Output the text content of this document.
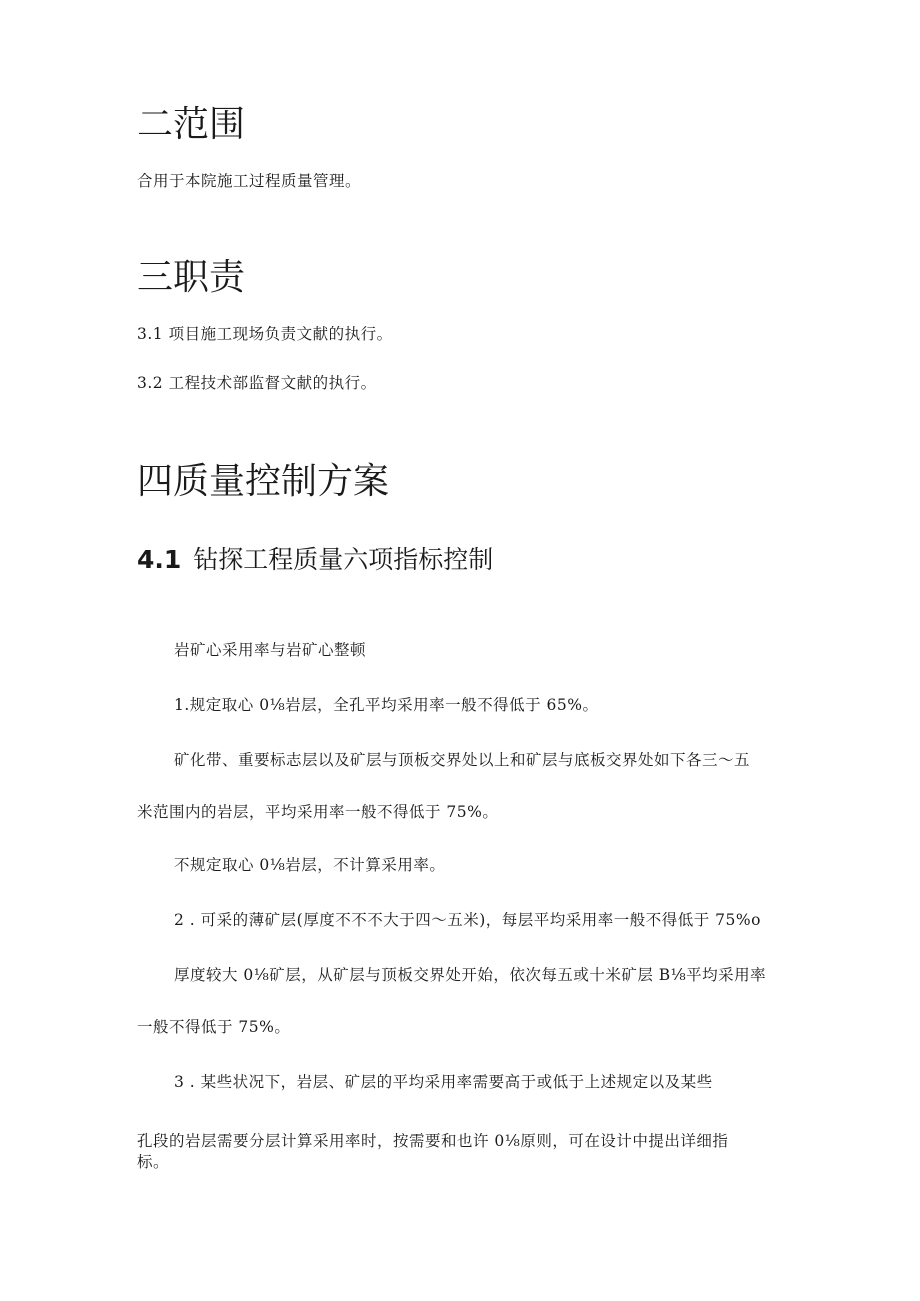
二范围

合用于本院施工过程质量管理。

三职责

3.1 项目施工现场负责文献的执行。

3.2 工程技术部监督文献的执行。

四质量控制方案
4.1 钻探工程质量六项指标控制

岩矿心采用率与岩矿心整顿

1.规定取心 0⅛岩层，全孔平均采用率一般不得低于 65%。

矿化带、重要标志层以及矿层与顶板交界处以上和矿层与底板交界处如下各三～五

米范围内的岩层，平均采用率一般不得低于 75%。

不规定取心 0⅛岩层，不计算采用率。

2 . 可采的薄矿层(厚度不不不大于四～五米)，每层平均采用率一般不得低于 75%o

厚度较大 0⅛矿层，从矿层与顶板交界处开始，依次每五或十米矿层 B⅛平均采用率

一般不得低于 75%。

3 . 某些状况下，岩层、矿层的平均采用率需要高于或低于上述规定以及某些

孔段的岩层需要分层计算采用率时，按需要和也许 0⅛原则，可在设计中提出详细指

标。
